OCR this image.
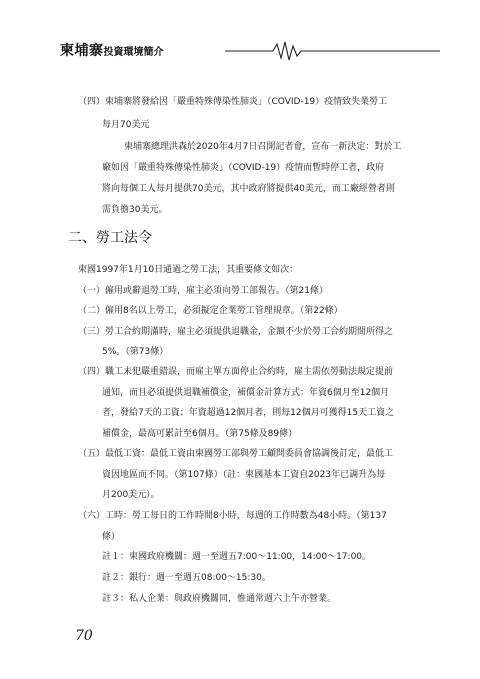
柬埔寨投資環境簡介
（四）柬埔寨將發給因「嚴重特殊傳染性肺炎」（COVID-19）疫情致失業勞工
每月70美元
柬埔寨總理洪森於2020年4月7日召開記者會，宣布一新決定：對於工
廠如因「嚴重特殊傳染性肺炎」（COVID-19）疫情而暫時停工者，政府
將向每個工人每月提供70美元，其中政府將提供40美元，而工廠經營者則
需負擔30美元。
二、勞工法令
柬國1997年1月10日通過之勞工法，其重要條文如次：
（一）僱用或辭退勞工時，雇主必須向勞工部報告。（第21條）
（二）僱用8名以上勞工，必須擬定企業勞工管理規章。（第22條）
（三）勞工合約期滿時，雇主必須提供退職金，金額不少於勞工合約期間所得之
5%。（第73條）
（四）職工未犯嚴重錯誤，而雇主單方面停止合約時，雇主需依勞動法規定提前
通知，而且必須提供退職補償金，補償金計算方式：年資6個月至12個月
者，發給7天的工資；年資超過12個月者，則每12個月可獲得15天工資之
補償金，最高可累計至6個月。（第75條及89條）
（五）最低工資：最低工資由柬國勞工部與勞工顧問委員會協調後訂定，最低工
資因地區而不同。（第107條）（註：柬國基本工資自2023年已調升為每
月200美元）。
（六）工時：勞工每日的工作時間8小時，每週的工作時數為48小時。（第137
條）
註１：柬國政府機關：週一至週五7:00～11:00，14:00～17:00。
註２：銀行：週一至週五08:00～15:30。
註３：私人企業：與政府機關同，惟通常週六上午亦營業。
70
